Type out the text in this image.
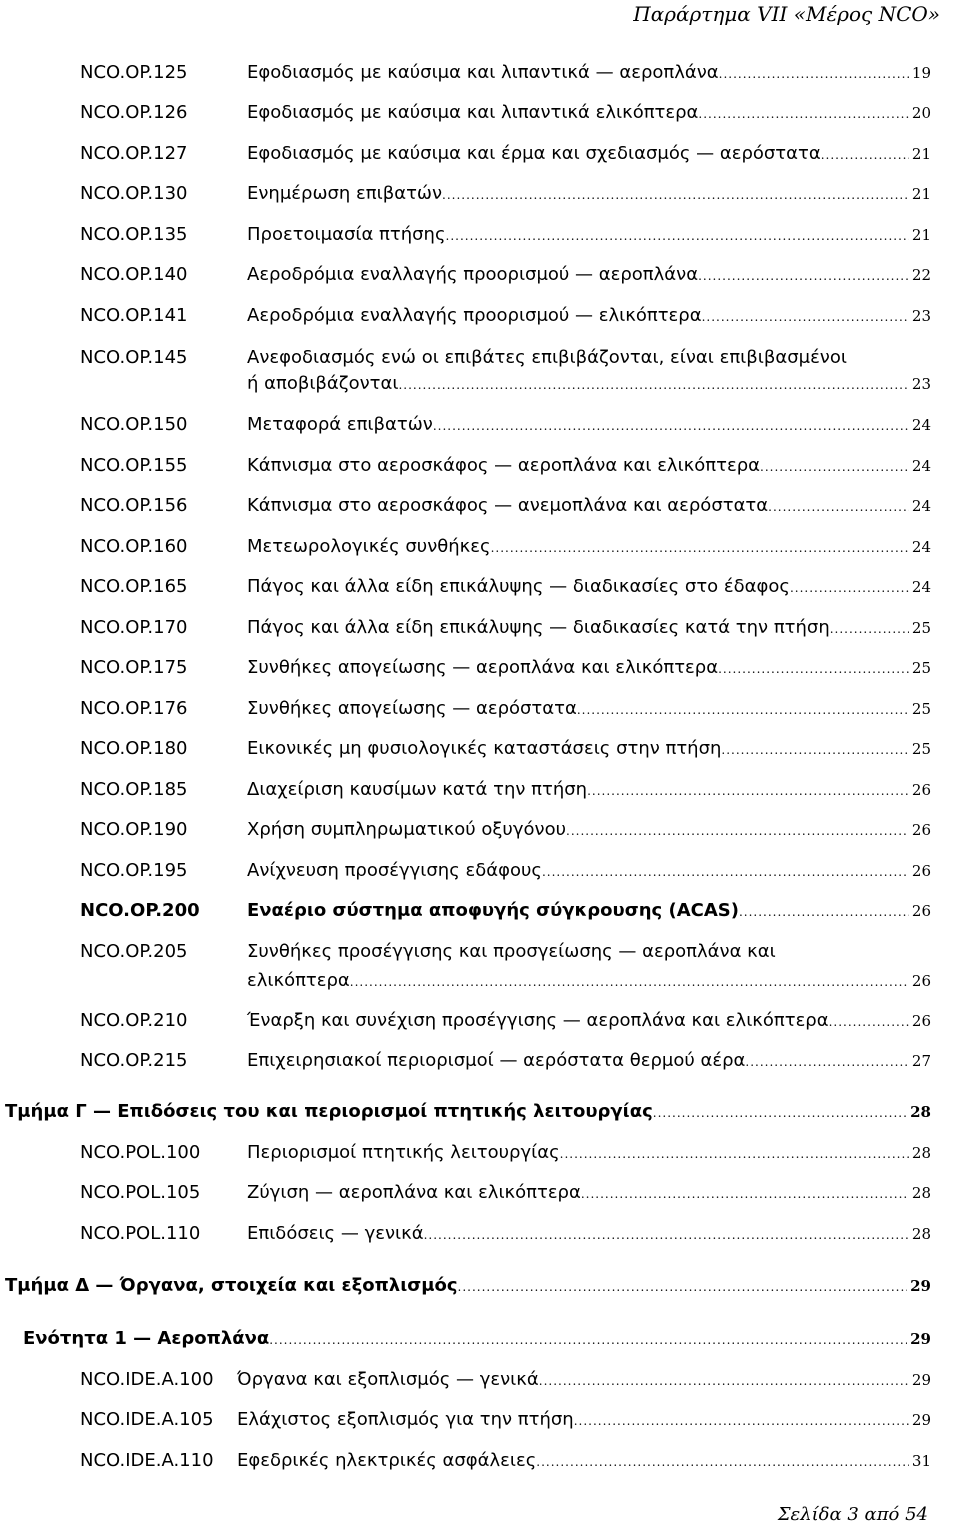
Παράρτημα VII «Μέρος NCO»
NCO.OP.125	Εφοδιασμός με καύσιμα και λιπαντικά — αεροπλάνα .....	19
NCO.OP.126	Εφοδιασμός με καύσιμα και λιπαντικά ελικόπτερα .....	20
NCO.OP.127	Εφοδιασμός με καύσιμα και έρμα και σχεδιασμός — αερόστατα .....	21
NCO.OP.130	Ενημέρωση επιβατών .....	21
NCO.OP.135	Προετοιμασία πτήσης .....	21
NCO.OP.140	Αεροδρόμια εναλλαγής προορισμού — αεροπλάνα .....	22
NCO.OP.141	Αεροδρόμια εναλλαγής προορισμού — ελικόπτερα .....	23
NCO.OP.145	Ανεφοδιασμός ενώ οι επιβάτες επιβιβάζονται, είναι επιβιβασμένοι
ή αποβιβάζονται .....	23
NCO.OP.150	Μεταφορά επιβατών .....	24
NCO.OP.155	Κάπνισμα στο αεροσκάφος — αεροπλάνα και ελικόπτερα .....	24
NCO.OP.156	Κάπνισμα στο αεροσκάφος — ανεμοπλάνα και αερόστατα .....	24
NCO.OP.160	Μετεωρολογικές συνθήκες .....	24
NCO.OP.165	Πάγος και άλλα είδη επικάλυψης — διαδικασίες στο έδαφος .....	24
NCO.OP.170	Πάγος και άλλα είδη επικάλυψης — διαδικασίες κατά την πτήση .....	25
NCO.OP.175	Συνθήκες απογείωσης — αεροπλάνα και ελικόπτερα .....	25
NCO.OP.176	Συνθήκες απογείωσης — αερόστατα .....	25
NCO.OP.180	Εικονικές μη φυσιολογικές καταστάσεις στην πτήση .....	25
NCO.OP.185	Διαχείριση καυσίμων κατά την πτήση .....	26
NCO.OP.190	Χρήση συμπληρωματικού οξυγόνου .....	26
NCO.OP.195	Ανίχνευση προσέγγισης εδάφους .....	26
NCO.OP.200	Εναέριο σύστημα αποφυγής σύγκρουσης (ACAS) .....	26
NCO.OP.205	Συνθήκες προσέγγισης και προσγείωσης — αεροπλάνα και
ελικόπτερα .....	26
NCO.OP.210	Έναρξη και συνέχιση προσέγγισης — αεροπλάνα και ελικόπτερα .....	26
NCO.OP.215	Επιχειρησιακοί περιορισμοί — αερόστατα θερμού αέρα .....	27
Τμήμα Γ — Επιδόσεις του και περιορισμοί πτητικής λειτουργίας .....	28
NCO.POL.100	Περιορισμοί πτητικής λειτουργίας .....	28
NCO.POL.105	Ζύγιση — αεροπλάνα και ελικόπτερα .....	28
NCO.POL.110	Επιδόσεις — γενικά .....	28
Τμήμα Δ — Όργανα, στοιχεία και εξοπλισμός .....	29
Ενότητα 1 — Αεροπλάνα .....	29
NCO.IDE.A.100 Όργανα και εξοπλισμός — γενικά .....	29
NCO.IDE.A.105 Ελάχιστος εξοπλισμός για την πτήση .....	29
NCO.IDE.A.110 Εφεδρικές ηλεκτρικές ασφάλειες .....	31
Σελίδα 3 από 54
